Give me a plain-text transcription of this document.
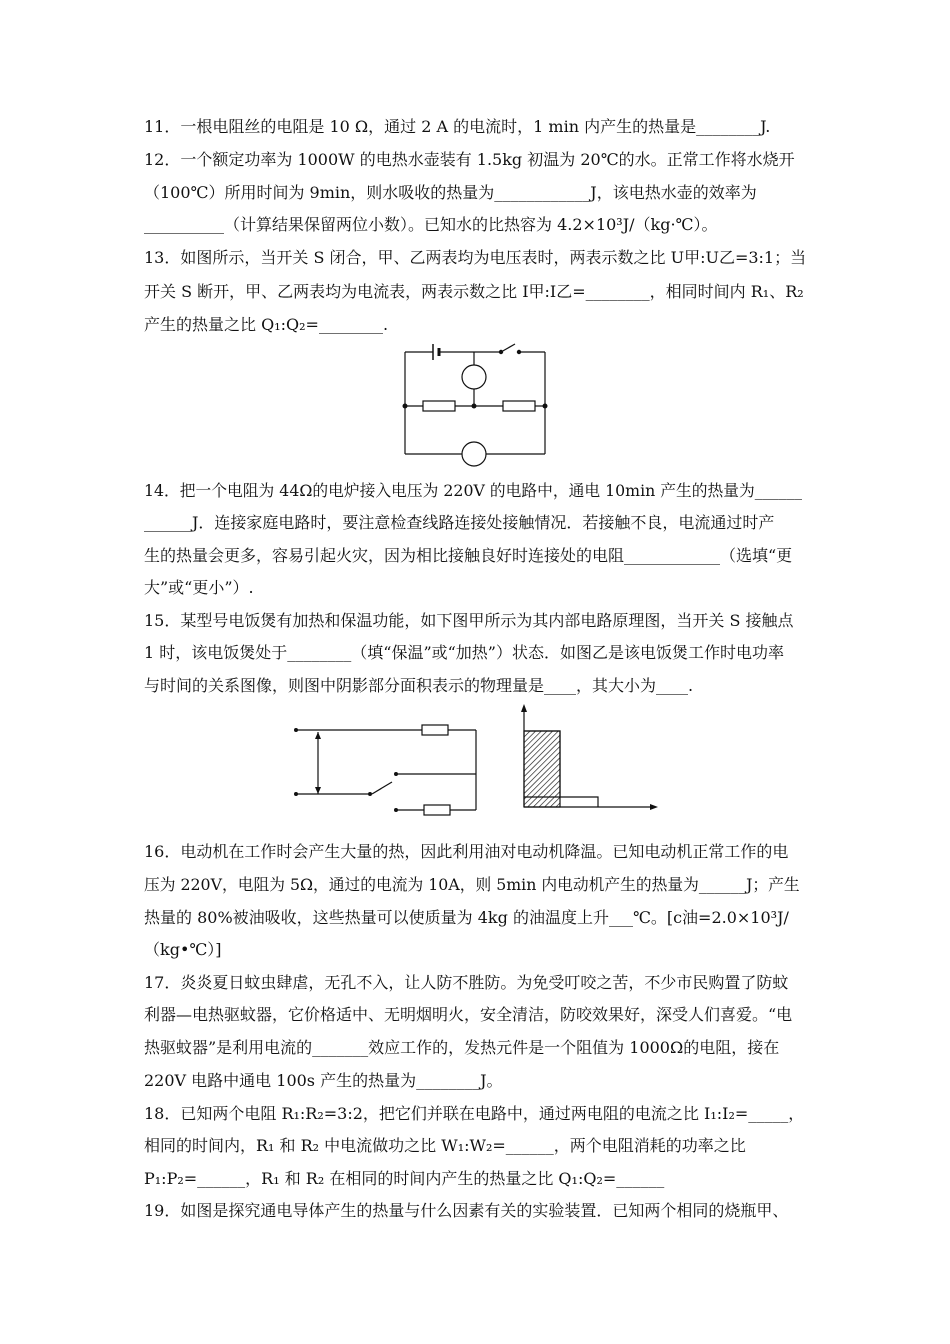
11．一根电阻丝的电阻是 10 Ω，通过 2 A 的电流时，1 min 内产生的热量是________J.
12．一个额定功率为 1000W 的电热水壶装有 1.5kg 初温为 20℃的水。正常工作将水烧开
（100℃）所用时间为 9min，则水吸收的热量为____________J，该电热水壶的效率为
__________（计算结果保留两位小数）。已知水的比热容为 4.2×10³J/（kg·℃）。
13．如图所示，当开关 S 闭合，甲、乙两表均为电压表时，两表示数之比 U甲:U乙=3:1；当
开关 S 断开，甲、乙两表均为电流表，两表示数之比 I甲:I乙=________，相同时间内 R₁、R₂
产生的热量之比 Q₁:Q₂=________.
14．把一个电阻为 44Ω的电炉接入电压为 220V 的电路中，通电 10min 产生的热量为______
______J．连接家庭电路时，要注意检查线路连接处接触情况．若接触不良，电流通过时产
生的热量会更多，容易引起火灾，因为相比接触良好时连接处的电阻____________（选填“更
大”或“更小”）.
15．某型号电饭煲有加热和保温功能，如下图甲所示为其内部电路原理图，当开关 S 接触点
1 时，该电饭煲处于________（填“保温”或“加热”）状态．如图乙是该电饭煲工作时电功率
与时间的关系图像，则图中阴影部分面积表示的物理量是____，其大小为____.
16．电动机在工作时会产生大量的热，因此利用油对电动机降温。已知电动机正常工作的电
压为 220V，电阻为 5Ω，通过的电流为 10A，则 5min 内电动机产生的热量为______J；产生
热量的 80%被油吸收，这些热量可以使质量为 4kg 的油温度上升___℃。[c油=2.0×10³J/
（kg•℃）]
17．炎炎夏日蚊虫肆虐，无孔不入，让人防不胜防。为免受叮咬之苦，不少市民购置了防蚊
利器—电热驱蚊器，它价格适中、无明烟明火，安全清洁，防咬效果好，深受人们喜爱。“电
热驱蚊器”是利用电流的_______效应工作的，发热元件是一个阻值为 1000Ω的电阻，接在
220V 电路中通电 100s 产生的热量为________J。
18．已知两个电阻 R₁:R₂=3:2，把它们并联在电路中，通过两电阻的电流之比 I₁:I₂=_____，
相同的时间内，R₁ 和 R₂ 中电流做功之比 W₁:W₂=______，两个电阻消耗的功率之比
P₁:P₂=______，R₁ 和 R₂ 在相同的时间内产生的热量之比 Q₁:Q₂=______
19．如图是探究通电导体产生的热量与什么因素有关的实验装置．已知两个相同的烧瓶甲、
